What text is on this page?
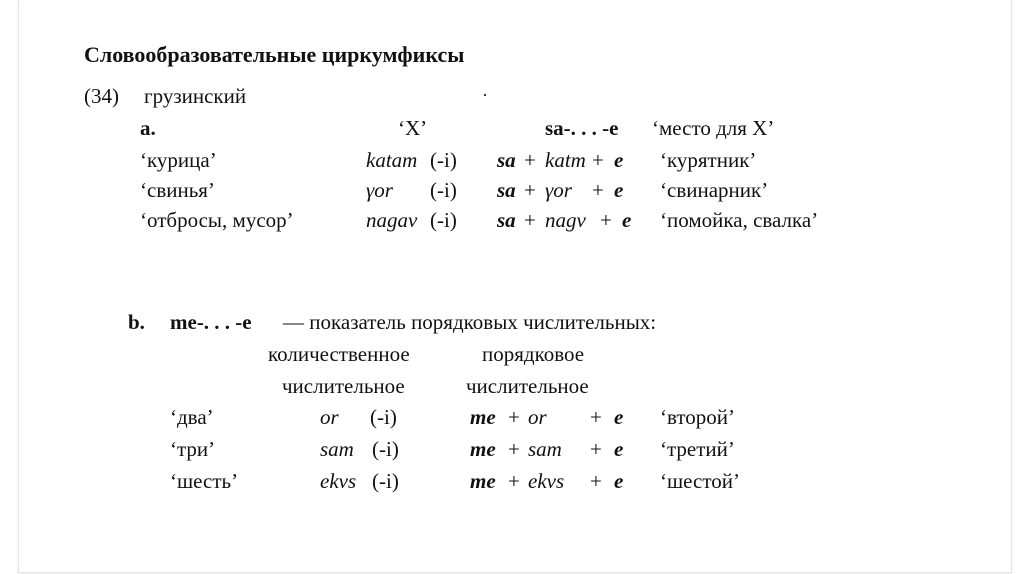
Словообразовательные циркумфиксы
(34) грузинский
a.	‘X’	sa-. . . -e ‘место для X’
‘курица’	katam (-i) sa + katm + e ‘курятник’
‘свинья’	γor (-i) sa + γor + e ‘свинарник’
‘отбросы, мусор’	nagav (-i) sa + nagv + e ‘помойка, свалка’
b. me-. . . -e — показатель порядковых числительных:
количественное
числительное
порядковое
числительное
‘два’	or (-i)	me + or + e ‘второй’
‘три’	sam (-i)	me + sam + e ‘третий’
‘шесть’	ekvs (-i)	me + ekvs + e ‘шестой’
